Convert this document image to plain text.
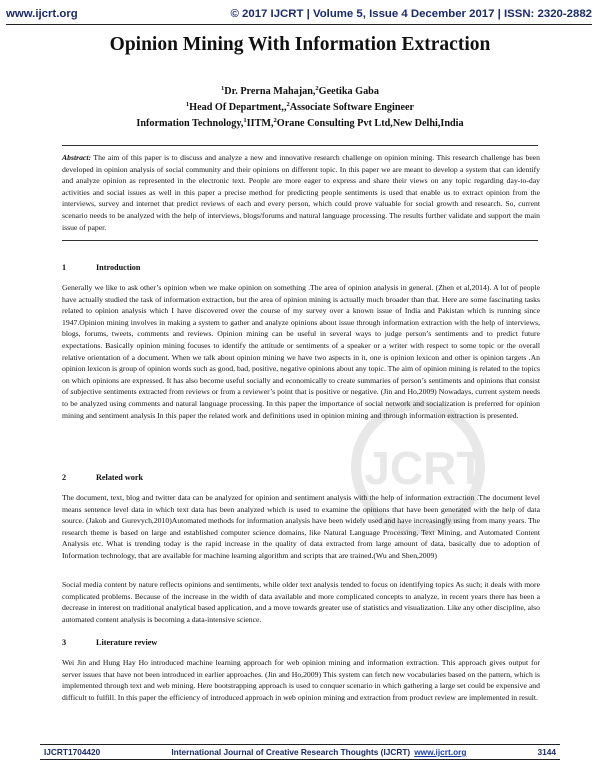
www.ijcrt.org	© 2017 IJCRT | Volume 5, Issue 4 December 2017 | ISSN: 2320-2882
Opinion Mining With Information Extraction
$^1$Dr. Prerna Mahajan,$^2$Geetika Gaba
$^1$Head Of Department,,$^2$Associate Software Engineer
Information Technology,$^1$IITM,$^2$Orane Consulting Pvt Ltd,New Delhi,India
Abstract: The aim of this paper is to discuss and analyze a new and innovative research challenge on opinion mining. This research challenge has been developed in opinion analysis of social community and their opinions on different topic. In this paper we are meant to develop a system that can identify and analyze opinion as represented in the electronic text. People are more eager to express and share their views on any topic regarding day-to-day activities and social issues as well in this paper a precise method for predicting people sentiments is used that enable us to extract opinion from the interviews, survey and internet that predict reviews of each and every person, which could prove valuable for social growth and research. So, current scenario needs to be analyzed with the help of interviews, blogs/forums and natural language processing. The results further validate and support the main issue of paper.
1	Introduction
Generally we like to ask other’s opinion when we make opinion on something .The area of opinion analysis in general. (Zhen et al,2014). A lot of people have actually studied the task of information extraction, but the area of opinion mining is actually much broader than that. Here are some fascinating tasks related to opinion analysis which I have discovered over the course of my survey over a known issue of India and Pakistan which is running since 1947.Opinion mining involves in making a system to gather and analyze opinions about issue through information extraction with the help of interviews, blogs, forums, tweets, comments and reviews. Opinion mining can be useful in several ways to judge person’s sentiments and to predict future expectations. Basically opinion mining focuses to identify the attitude or sentiments of a speaker or a writer with respect to some topic or the overall relative orientation of a document. When we talk about opinion mining we have two aspects in it, one is opinion lexicon and other is opinion targets .An opinion lexicon is group of opinion words such as good, bad, positive, negative opinions about any topic. The aim of opinion mining is related to the topics on which opinions are expressed. It has also become useful socially and economically to create summaries of person’s sentiments and opinions that consist of subjective sentiments extracted from reviews or from a reviewer’s point that is positive or negative. (Jin and Ho,2009) Nowadays, current system needs to be analyzed using comments and natural language processing. In this paper the importance of social network and socialization is preferred for opinion mining and sentiment analysis In this paper the related work and definitions used in opinion mining and through information extraction is presented.
IJCRT
2	Related work
The document, text, blog and twitter data can be analyzed for opinion and sentiment analysis with the help of information extraction .The document level means sentence level data in which text data has been analyzed which is used to examine the opinions that have been generated with the help of data source. (Jakob and Gurevych,2010)Automated methods for information analysis have been widely used and have increasingly using from many years. The research theme is based on large and established computer science domains, like Natural Language Processing, Text Mining, and Automated Content Analysis etc. What is trending today is the rapid increase in the quality of data extracted from large amount of data, basically due to adoption of Information technology, that are available for machine learning algorithm and scripts that are trained.(Wu and Shen,2009)
Social media content by nature reflects opinions and sentiments, while older text analysis tended to focus on identifying topics As such; it deals with more complicated problems. Because of the increase in the width of data available and more complicated concepts to analyze, in recent years there has been a decrease in interest on traditional analytical based application, and a move towards greater use of statistics and visualization. Like any other discipline, also automated content analysis is becoming a data-intensive science.
3	Literature review
Wei Jin and Hung Hay Ho introduced machine learning approach for web opinion mining and information extraction. This approach gives output for server issues that have not been introduced in earlier approaches. (Jin and Ho,2009) This system can fetch new vocabularies based on the pattern, which is implemented through text and web mining. Here bootstrapping approach is used to conquer scenario in which gathering a large set could be expensive and difficult to fulfill. In this paper the efficiency of introduced approach in web opinion mining and extraction from product review are implemented in result.
IJCRT1704420	International Journal of Creative Research Thoughts (IJCRT) www.ijcrt.org	3144
